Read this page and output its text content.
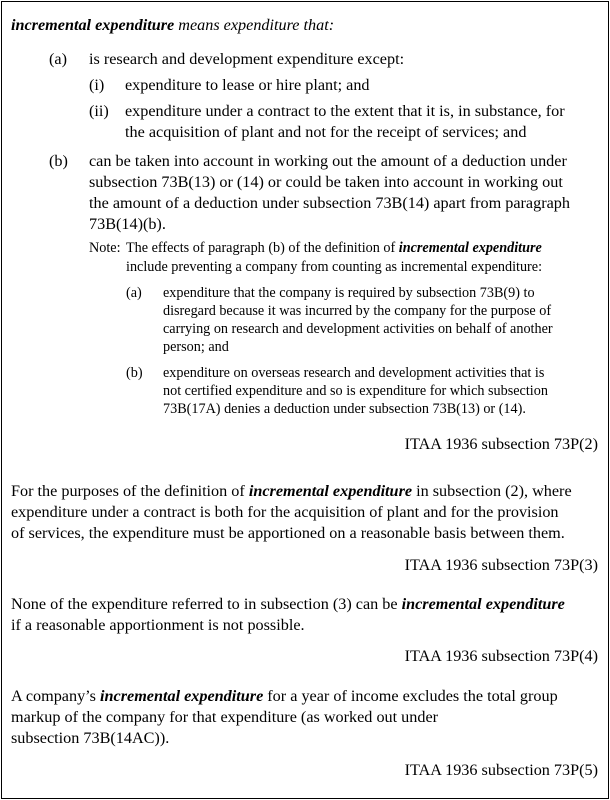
incremental expenditure means expenditure that:
(a) is research and development expenditure except:
(i) expenditure to lease or hire plant; and
(ii) expenditure under a contract to the extent that it is, in substance, for
the acquisition of plant and not for the receipt of services; and
(b) can be taken into account in working out the amount of a deduction under
subsection 73B(13) or (14) or could be taken into account in working out
the amount of a deduction under subsection 73B(14) apart from paragraph
73B(14)(b).
Note: The effects of paragraph (b) of the definition of incremental expenditure
include preventing a company from counting as incremental expenditure:
(a) expenditure that the company is required by subsection 73B(9) to
disregard because it was incurred by the company for the purpose of
carrying on research and development activities on behalf of another
person; and
(b) expenditure on overseas research and development activities that is
not certified expenditure and so is expenditure for which subsection
73B(17A) denies a deduction under subsection 73B(13) or (14).
ITAA 1936 subsection 73P(2)
For the purposes of the definition of incremental expenditure in subsection (2), where
expenditure under a contract is both for the acquisition of plant and for the provision
of services, the expenditure must be apportioned on a reasonable basis between them.
ITAA 1936 subsection 73P(3)
None of the expenditure referred to in subsection (3) can be incremental expenditure
if a reasonable apportionment is not possible.
ITAA 1936 subsection 73P(4)
A company’s incremental expenditure for a year of income excludes the total group
markup of the company for that expenditure (as worked out under
subsection 73B(14AC)).
ITAA 1936 subsection 73P(5)
